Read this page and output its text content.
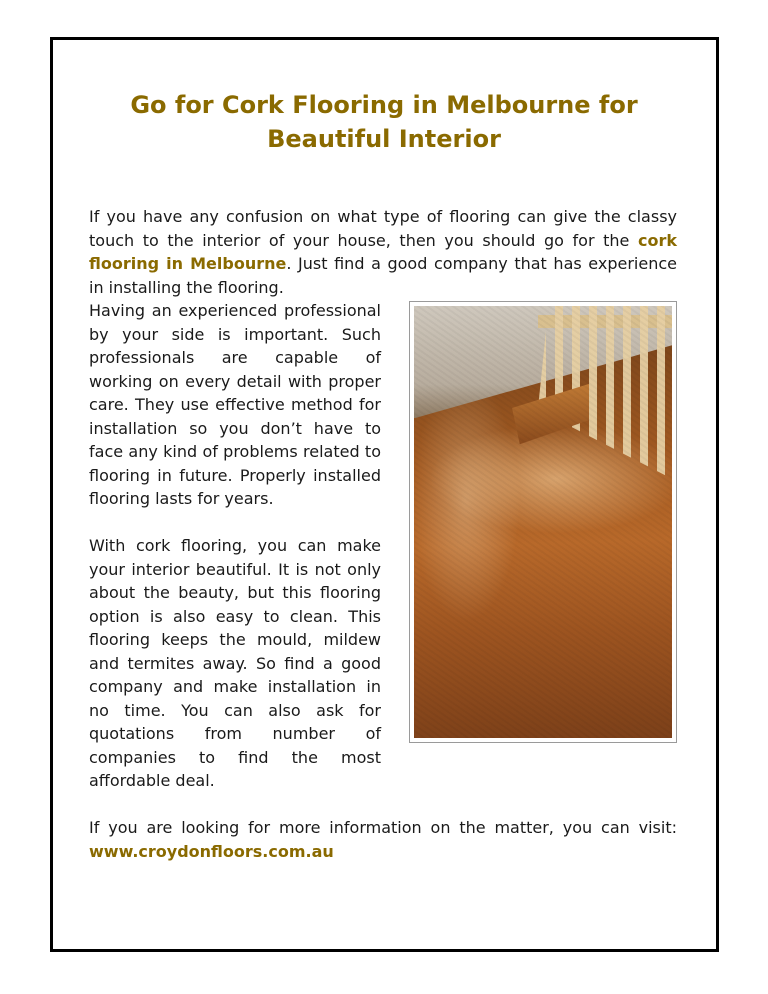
Go for Cork Flooring in Melbourne for Beautiful Interior

If you have any confusion on what type of flooring can give the classy touch to the interior of your house, then you should go for the cork flooring in Melbourne. Just find a good company that has experience in installing the flooring.

Having an experienced professional by your side is important. Such professionals are capable of working on every detail with proper care. They use effective method for installation so you don’t have to face any kind of problems related to flooring in future. Properly installed flooring lasts for years.

With cork flooring, you can make your interior beautiful. It is not only about the beauty, but this flooring option is also easy to clean. This flooring keeps the mould, mildew and termites away. So find a good company and make installation in no time. You can also ask for quotations from number of companies to find the most affordable deal.

If you are looking for more information on the matter, you can visit: www.croydonfloors.com.au
